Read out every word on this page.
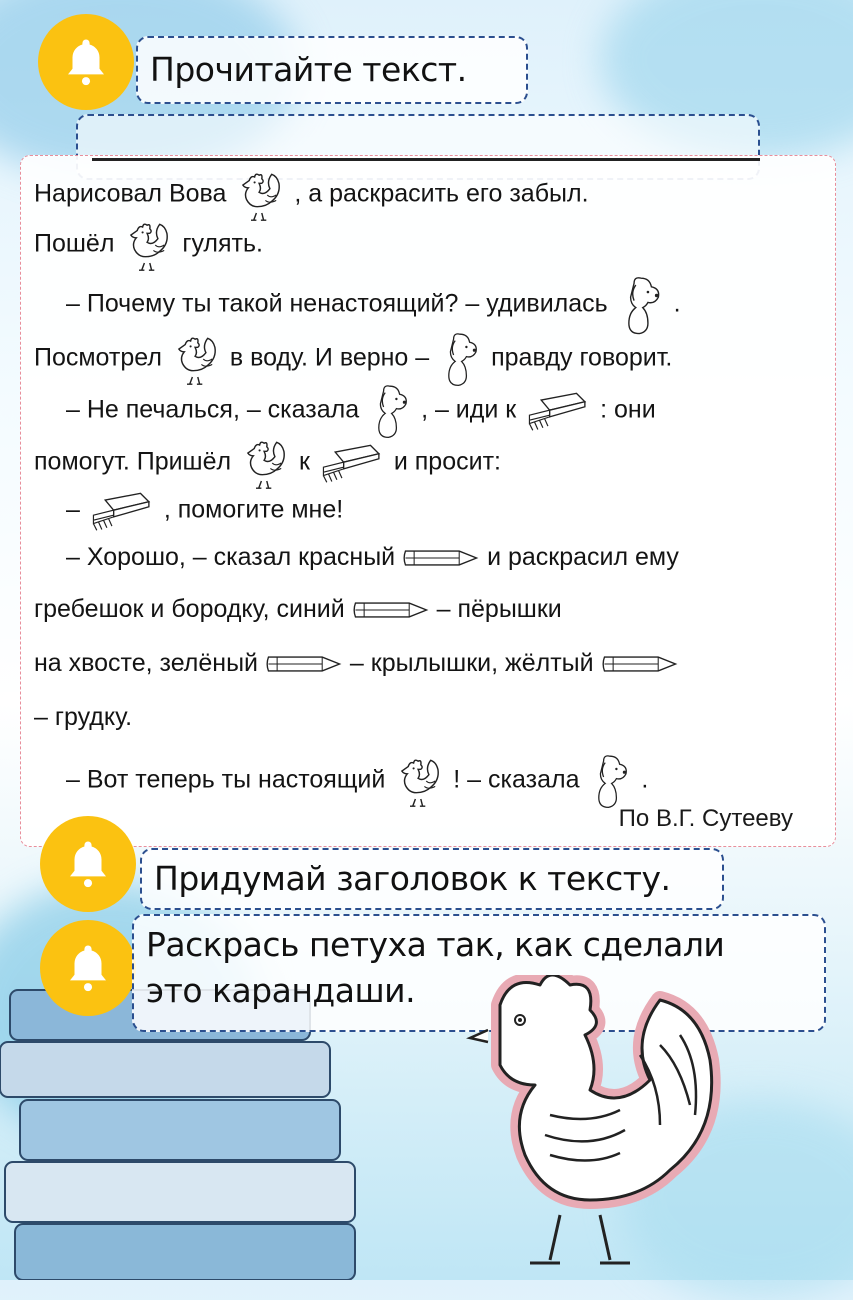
Прочитайте текст.
Нарисовал Вова	, а раскрасить его забыл.
Пошёл	гулять.
– Почему ты такой ненастоящий? – удивилась	.
Посмотрел	в воду. И верно – правду говорит.
– Не печалься, – сказала , – иди к	: они
помогут. Пришёл	к	и просит:
–	, помогите мне!
– Хорошо, – сказал красный	и раскрасил ему
гребешок и бородку, синий	– пёрышки
на хвосте, зелёный	– крылышки, жёлтый
– грудку.
– Вот теперь ты настоящий	! – сказала .
По В.Г. Сутееву
Придумай заголовок к тексту.
Раскрась петуха так, как сделали
это карандаши.
